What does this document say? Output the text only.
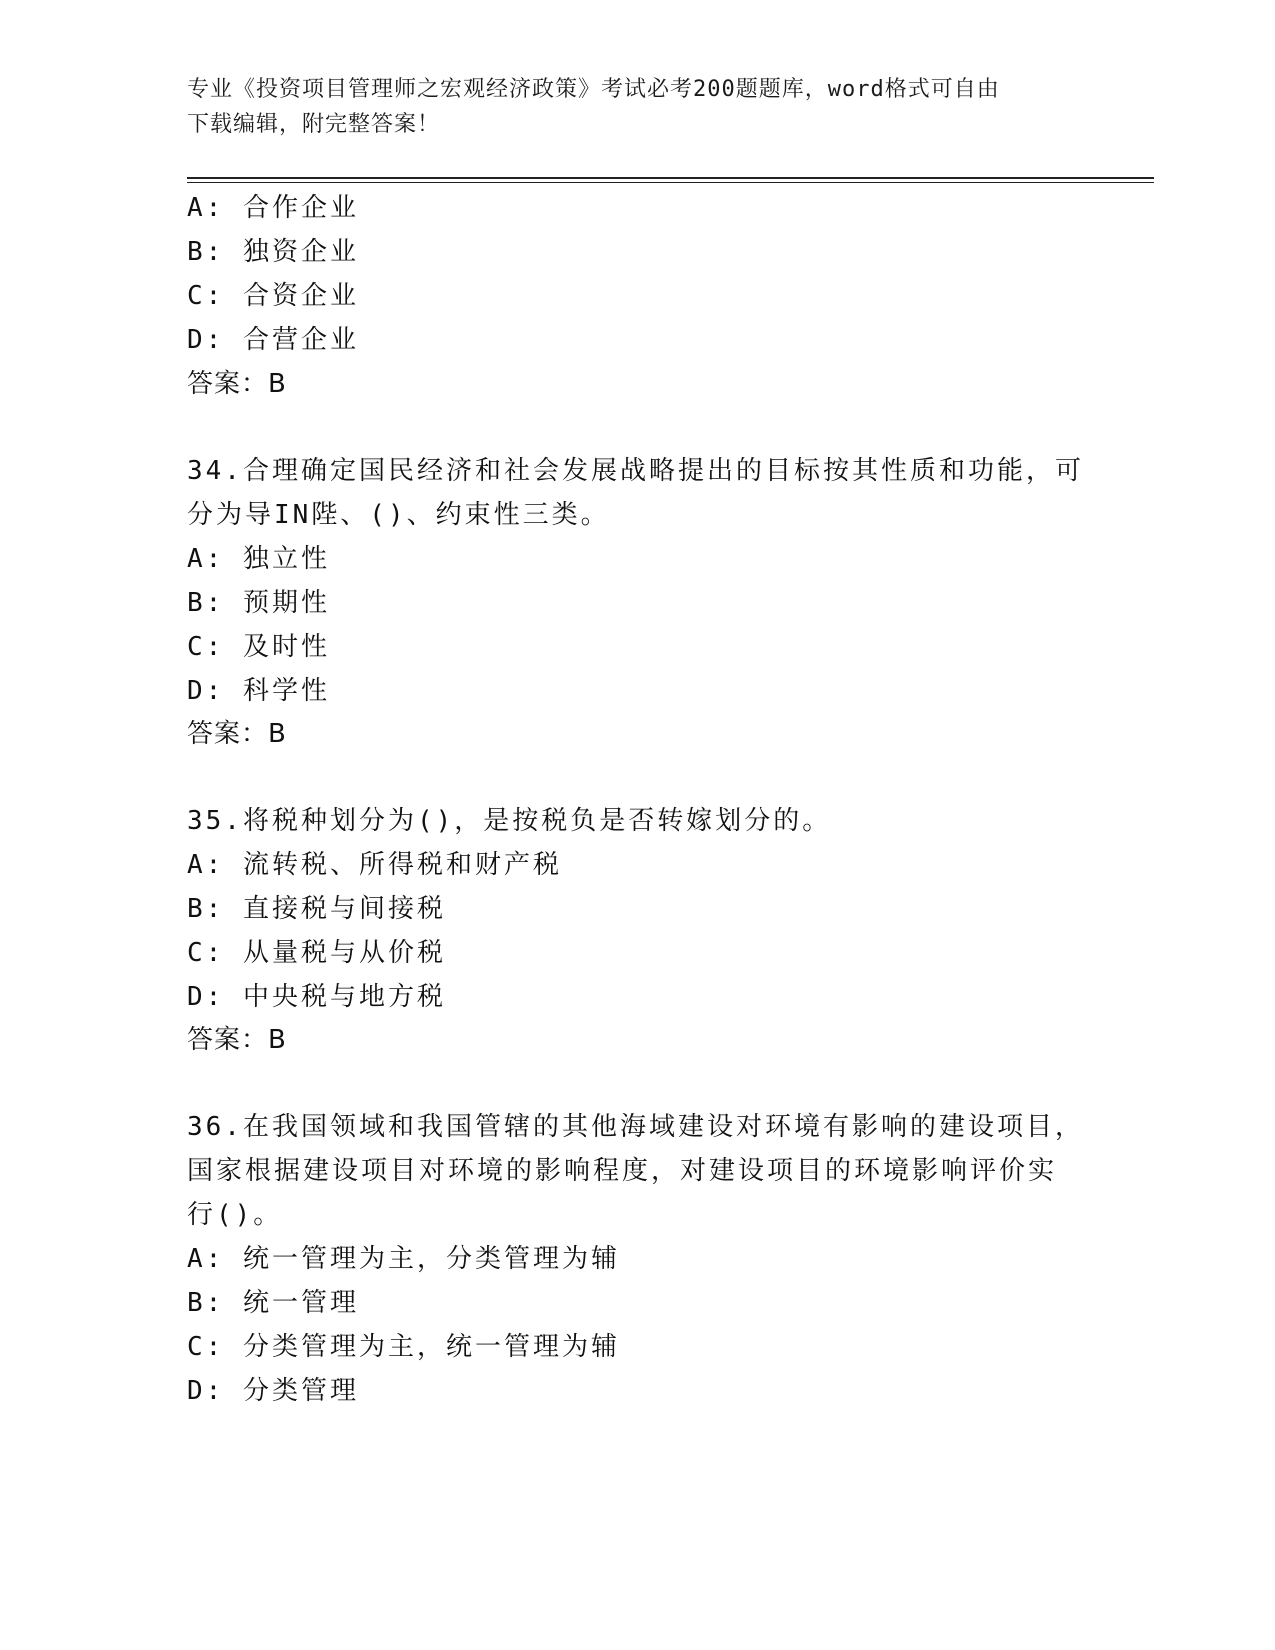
专业《投资项目管理师之宏观经济政策》考试必考200题题库，word格式可自由
下载编辑，附完整答案！
A: 合作企业
B: 独资企业
C: 合资企业
D: 合营企业
答案：B
34.合理确定国民经济和社会发展战略提出的目标按其性质和功能，可
分为导IN陛、()、约束性三类。
A: 独立性
B: 预期性
C: 及时性
D: 科学性
答案：B
35.将税种划分为()，是按税负是否转嫁划分的。
A: 流转税、所得税和财产税
B: 直接税与间接税
C: 从量税与从价税
D: 中央税与地方税
答案：B
36.在我国领域和我国管辖的其他海域建设对环境有影响的建设项目，
国家根据建设项目对环境的影响程度，对建设项目的环境影响评价实
行()。
A: 统一管理为主，分类管理为辅
B: 统一管理
C: 分类管理为主，统一管理为辅
D: 分类管理
